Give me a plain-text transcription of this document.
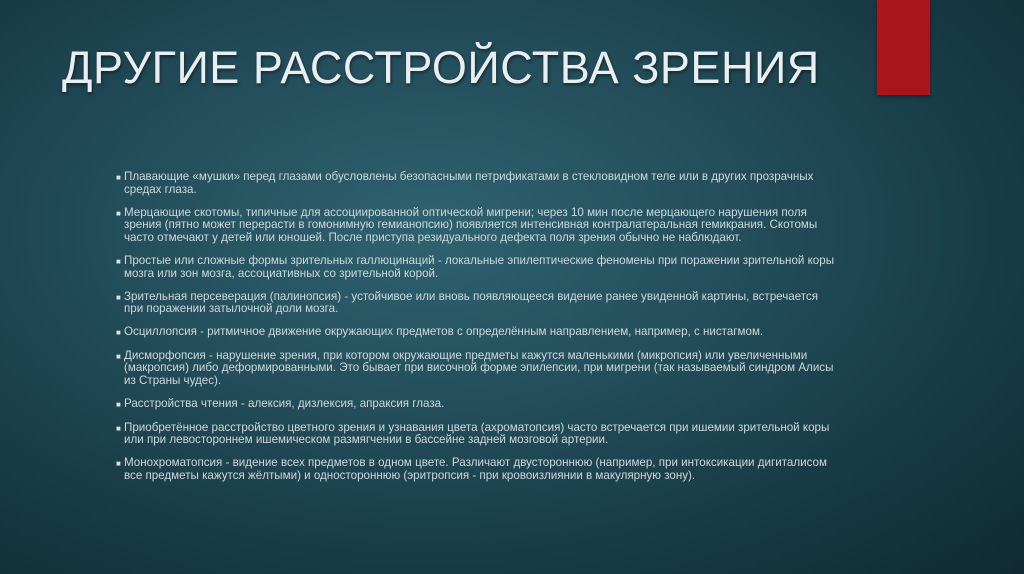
ДРУГИЕ РАССТРОЙСТВА ЗРЕНИЯ
■ Плавающие «мушки» перед глазами обусловлены безопасными петрификатами в стекловидном теле или в других прозрачных средах глаза.
■ Мерцающие скотомы, типичные для ассоциированной оптической мигрени; через 10 мин после мерцающего нарушения поля зрения (пятно может перерасти в гомонимную гемианопсию) появляется интенсивная контралатеральная гемикрания. Скотомы часто отмечают у детей или юношей. После приступа резидуального дефекта поля зрения обычно не наблюдают.
■ Простые или сложные формы зрительных галлюцинаций - локальные эпилептические феномены при поражении зрительной коры мозга или зон мозга, ассоциативных со зрительной корой.
■ Зрительная персеверация (палинопсия) - устойчивое или вновь появляющееся видение ранее увиденной картины, встречается при поражении затылочной доли мозга.
■ Осциллопсия - ритмичное движение окружающих предметов с определённым направлением, например, с нистагмом.
■ Дисморфопсия - нарушение зрения, при котором окружающие предметы кажутся маленькими (микропсия) или увеличенными (макропсия) либо деформированными. Это бывает при височной форме эпилепсии, при мигрени (так называемый синдром Алисы из Страны чудес).
■ Расстройства чтения - алексия, дизлексия, апраксия глаза.
■ Приобретённое расстройство цветного зрения и узнавания цвета (ахроматопсия) часто встречается при ишемии зрительной коры или при левостороннем ишемическом размягчении в бассейне задней мозговой артерии.
■ Монохроматопсия - видение всех предметов в одном цвете. Различают двустороннюю (например, при интоксикации дигиталисом все предметы кажутся жёлтыми) и одностороннюю (эритропсия - при кровоизлиянии в макулярную зону).
